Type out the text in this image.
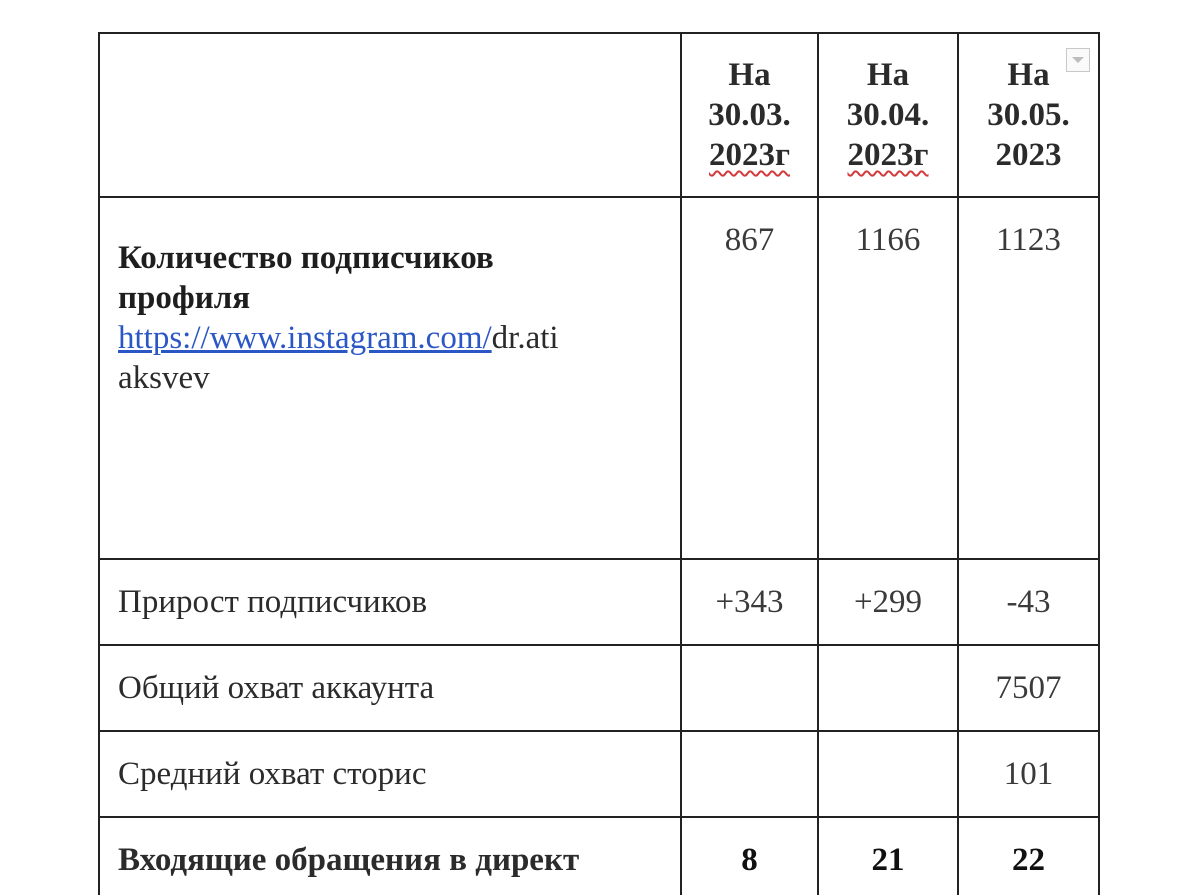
	На
30.03.
2023г	На
30.04.
2023г	На
30.05.
2023

Количество подписчиков
профиля
https://www.instagram.com/dr.ati
aksvev	867	1166	1123
Прирост подписчиков	+343	+299	-43
Общий охват аккаунта			7507
Средний охват сторис			101
Входящие обращения в директ	8	21	22
